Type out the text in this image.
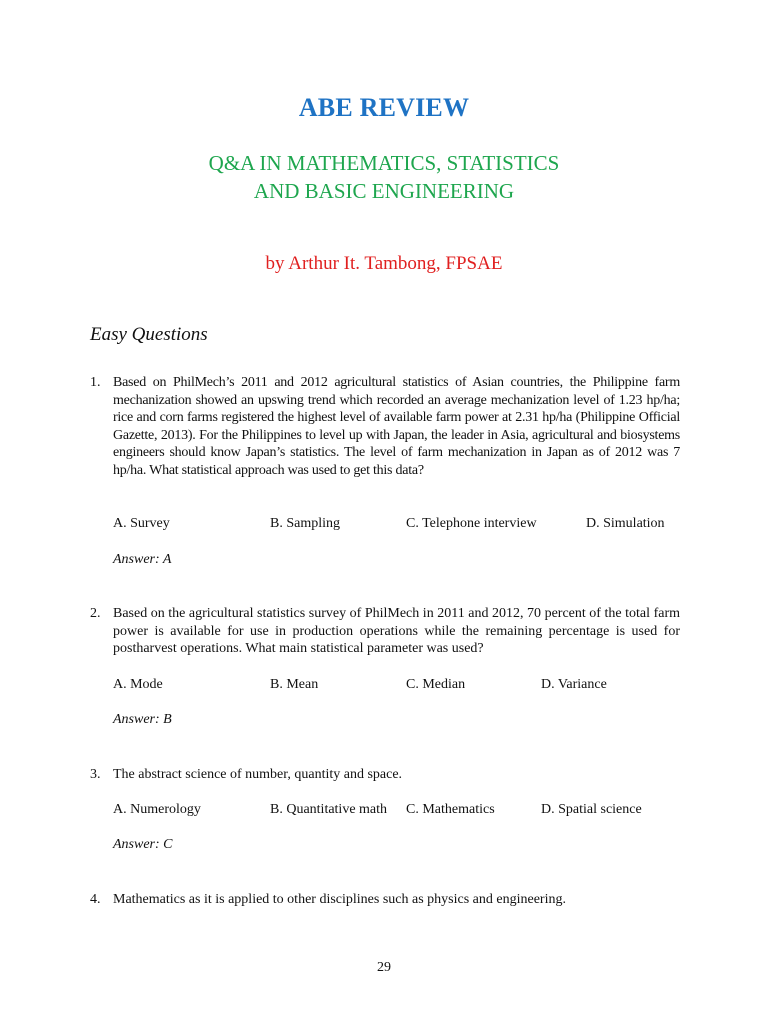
ABE REVIEW
Q&A IN MATHEMATICS, STATISTICS
AND BASIC ENGINEERING
by Arthur It. Tambong, FPSAE
Easy Questions
1. Based on PhilMech’s 2011 and 2012 agricultural statistics of Asian countries, the Philippine farm mechanization showed an upswing trend which recorded an average mechanization level of 1.23 hp/ha; rice and corn farms registered the highest level of available farm power at 2.31 hp/ha (Philippine Official Gazette, 2013). For the Philippines to level up with Japan, the leader in Asia, agricultural and biosystems engineers should know Japan’s statistics. The level of farm mechanization in Japan as of 2012 was 7 hp/ha. What statistical approach was used to get this data?
A. Survey	B. Sampling	C. Telephone interview	D. Simulation
Answer: A
2. Based on the agricultural statistics survey of PhilMech in 2011 and 2012, 70 percent of the total farm power is available for use in production operations while the remaining percentage is used for postharvest operations. What main statistical parameter was used?
A. Mode	B. Mean	C. Median	D. Variance
Answer: B
3. The abstract science of number, quantity and space.
A. Numerology	B. Quantitative math C. Mathematics	D. Spatial science
Answer: C
4. Mathematics as it is applied to other disciplines such as physics and engineering.
29
